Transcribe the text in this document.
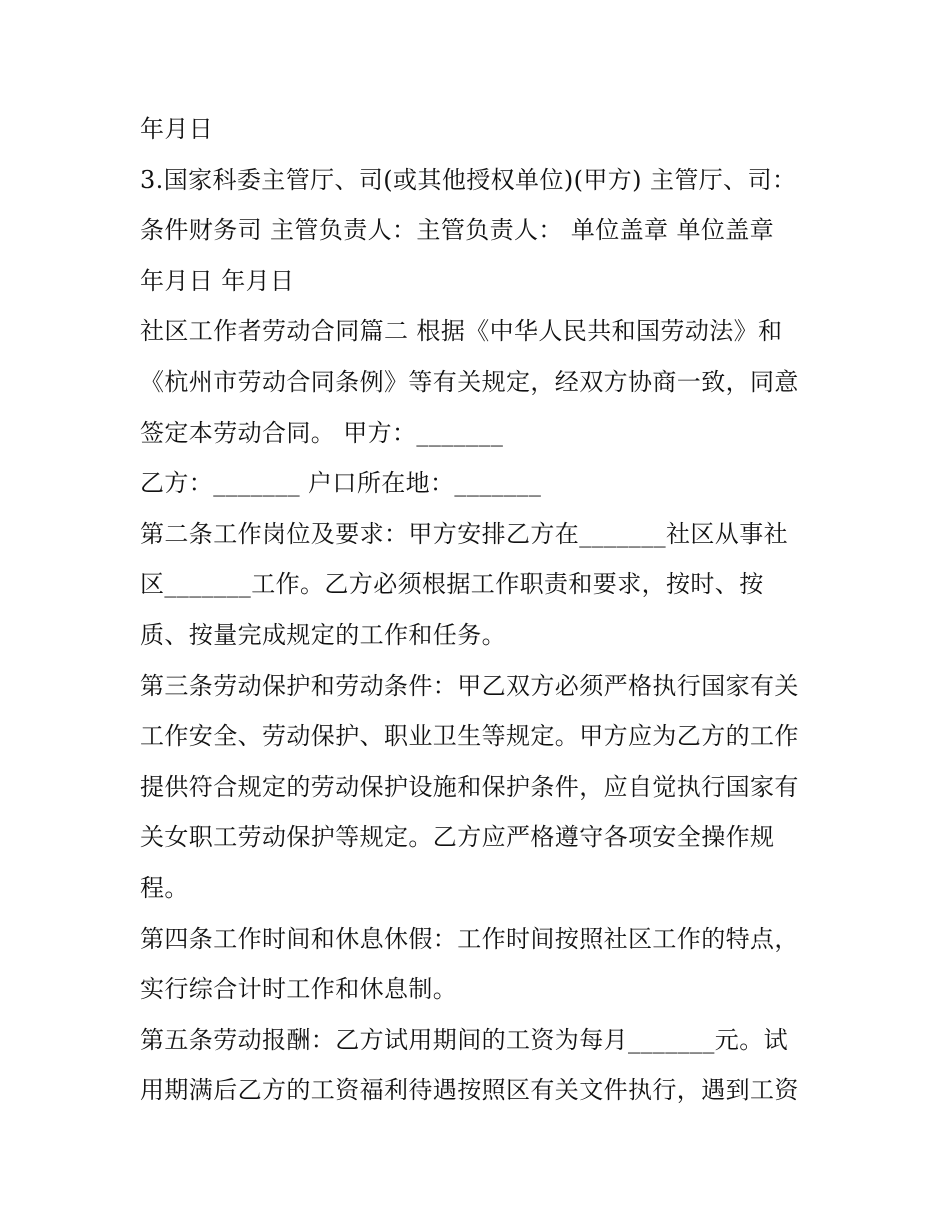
年月日
3.国家科委主管厅、司(或其他授权单位)(甲方) 主管厅、司：
条件财务司 主管负责人：主管负责人： 单位盖章 单位盖章
年月日 年月日
社区工作者劳动合同篇二 根据《中华人民共和国劳动法》和
《杭州市劳动合同条例》等有关规定，经双方协商一致，同意
签定本劳动合同。 甲方：_______
乙方：_______ 户口所在地：_______
第二条工作岗位及要求：甲方安排乙方在_______社区从事社
区_______工作。乙方必须根据工作职责和要求，按时、按
质、按量完成规定的工作和任务。
第三条劳动保护和劳动条件：甲乙双方必须严格执行国家有关
工作安全、劳动保护、职业卫生等规定。甲方应为乙方的工作
提供符合规定的劳动保护设施和保护条件，应自觉执行国家有
关女职工劳动保护等规定。乙方应严格遵守各项安全操作规
程。
第四条工作时间和休息休假：工作时间按照社区工作的特点，
实行综合计时工作和休息制。
第五条劳动报酬：乙方试用期间的工资为每月_______元。试
用期满后乙方的工资福利待遇按照区有关文件执行，遇到工资
